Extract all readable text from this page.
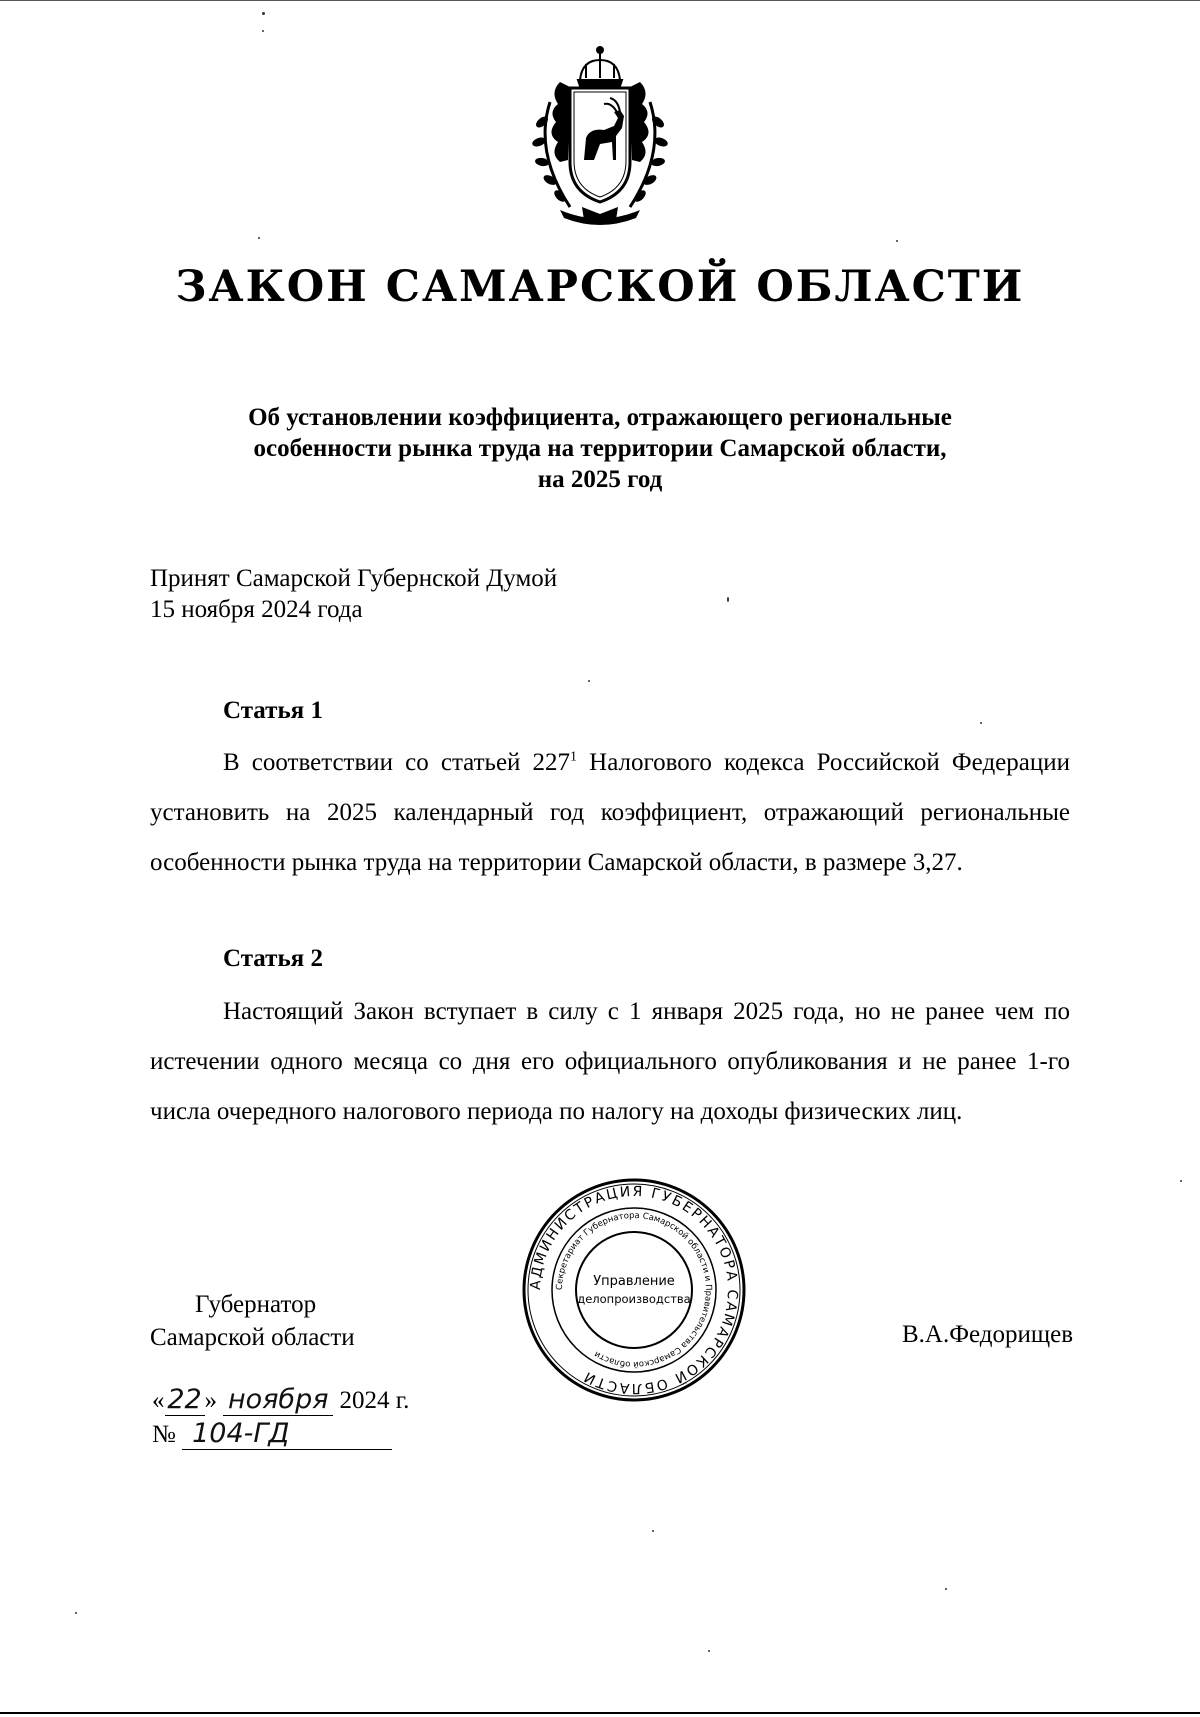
ЗАКОН САМАРСКОЙ ОБЛАСТИ
Об установлении коэффициента, отражающего региональные
особенности рынка труда на территории Самарской области,
на 2025 год
Принят Самарской Губернской Думой
15 ноября 2024 года
Статья 1
В соответствии со статьей $227^1$ Налогового кодекса Российской Федерации установить на 2025 календарный год коэффициент, отражающий региональные особенности рынка труда на территории Самарской области, в размере 3,27.
Статья 2
Настоящий Закон вступает в силу с 1 января 2025 года, но не ранее чем по истечении одного месяца со дня его официального опубликования и не ранее 1-го числа очередного налогового периода по налогу на доходы физических лиц.
Губернатор
Самарской области
АДМИНИСТРАЦИЯ ГУБЕРНАТОРА САМАРСКОЙ ОБЛАСТИ
Секретариат Губернатора Самарской области и Правительства Самарской области
Управление
делопроизводства
В.А.Федорищев
« 22 » ноября 2024 г.
№ 104-ГД
